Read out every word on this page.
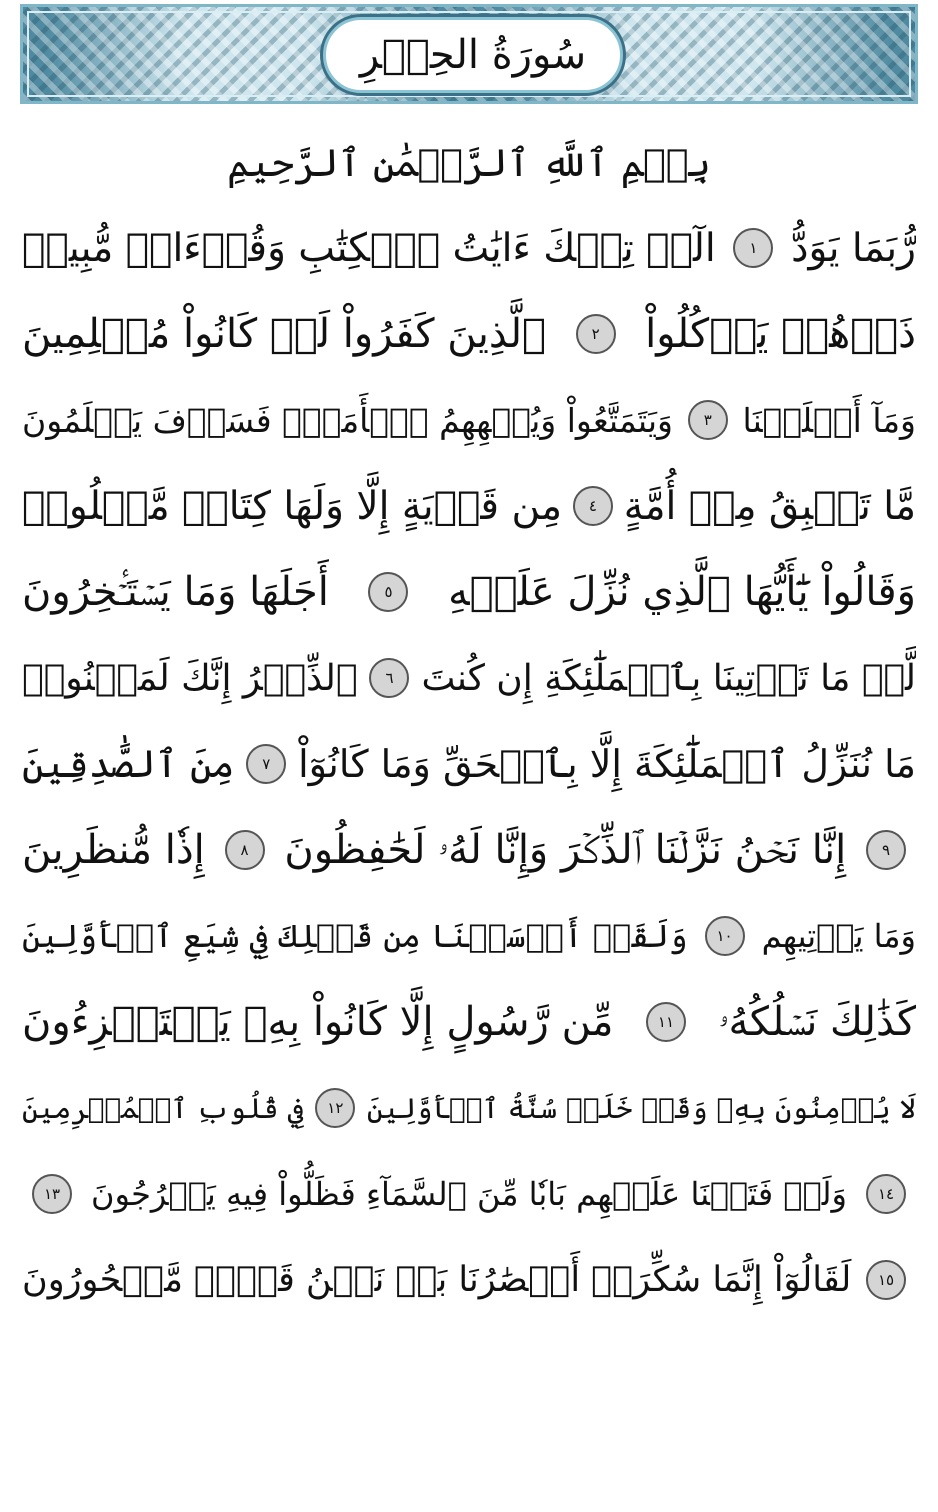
سُورَةُ الحِجۡرِ
بِسۡمِ ٱللَّهِ ٱلرَّحۡمَٰنِ ٱلرَّحِيمِ
الٓرۚ تِلۡكَ ءَايَٰتُ ٱلۡكِتَٰبِ وَقُرۡءَانٖ مُّبِينٖ	١ رُّبَمَا يَوَدُّ
ٱلَّذِينَ كَفَرُواْ لَوۡ كَانُواْ مُسۡلِمِينَ	٢	ذَرۡهُمۡ يَأۡكُلُواْ
وَيَتَمَتَّعُواْ وَيُلۡهِهِمُ ٱلۡأَمَلُۖ فَسَوۡفَ يَعۡلَمُونَ	٣ وَمَآ أَهۡلَكۡنَا
مِن قَرۡيَةٍ إِلَّا وَلَهَا كِتَابٞ مَّعۡلُومٞ	٤ مَّا تَسۡبِقُ مِنۡ أُمَّةٍ
أَجَلَهَا وَمَا يَسۡتَـٔۡخِرُونَ	٥	وَقَالُواْ يَٰٓأَيُّهَا ٱلَّذِي نُزِّلَ عَلَيۡهِ
ٱلذِّكۡرُ إِنَّكَ لَمَجۡنُونٞ	٦ لَّوۡ مَا تَأۡتِينَا بِٱلۡمَلَٰٓئِكَةِ إِن كُنتَ
مِنَ ٱلصَّٰدِقِينَ	٧ مَا نُنَزِّلُ ٱلۡمَلَٰٓئِكَةَ إِلَّا بِٱلۡحَقِّ وَمَا كَانُوٓاْ
إِذٗا مُّنظَرِينَ	٨ إِنَّا نَحۡنُ نَزَّلۡنَا ٱلذِّكۡرَ وَإِنَّا لَهُۥ لَحَٰفِظُونَ	٩
وَلَقَدۡ أَرۡسَلۡنَا مِن قَبۡلِكَ فِي شِيَعِ ٱلۡأَوَّلِينَ	١٠ وَمَا يَأۡتِيهِم
مِّن رَّسُولٍ إِلَّا كَانُواْ بِهِۦ يَسۡتَهۡزِءُونَ	١١ كَذَٰلِكَ نَسۡلُكُهُۥ
فِي قُلُوبِ ٱلۡمُجۡرِمِينَ	١٢ لَا يُؤۡمِنُونَ بِهِۦ وَقَدۡ خَلَتۡ سُنَّةُ ٱلۡأَوَّلِينَ
١٣ وَلَوۡ فَتَحۡنَا عَلَيۡهِم بَابٗا مِّنَ ٱلسَّمَآءِ فَظَلُّواْ فِيهِ يَعۡرُجُونَ	١٤
لَقَالُوٓاْ إِنَّمَا سُكِّرَتۡ أَبۡصَٰرُنَا بَلۡ نَحۡنُ قَوۡمٞ مَّسۡحُورُونَ	١٥
